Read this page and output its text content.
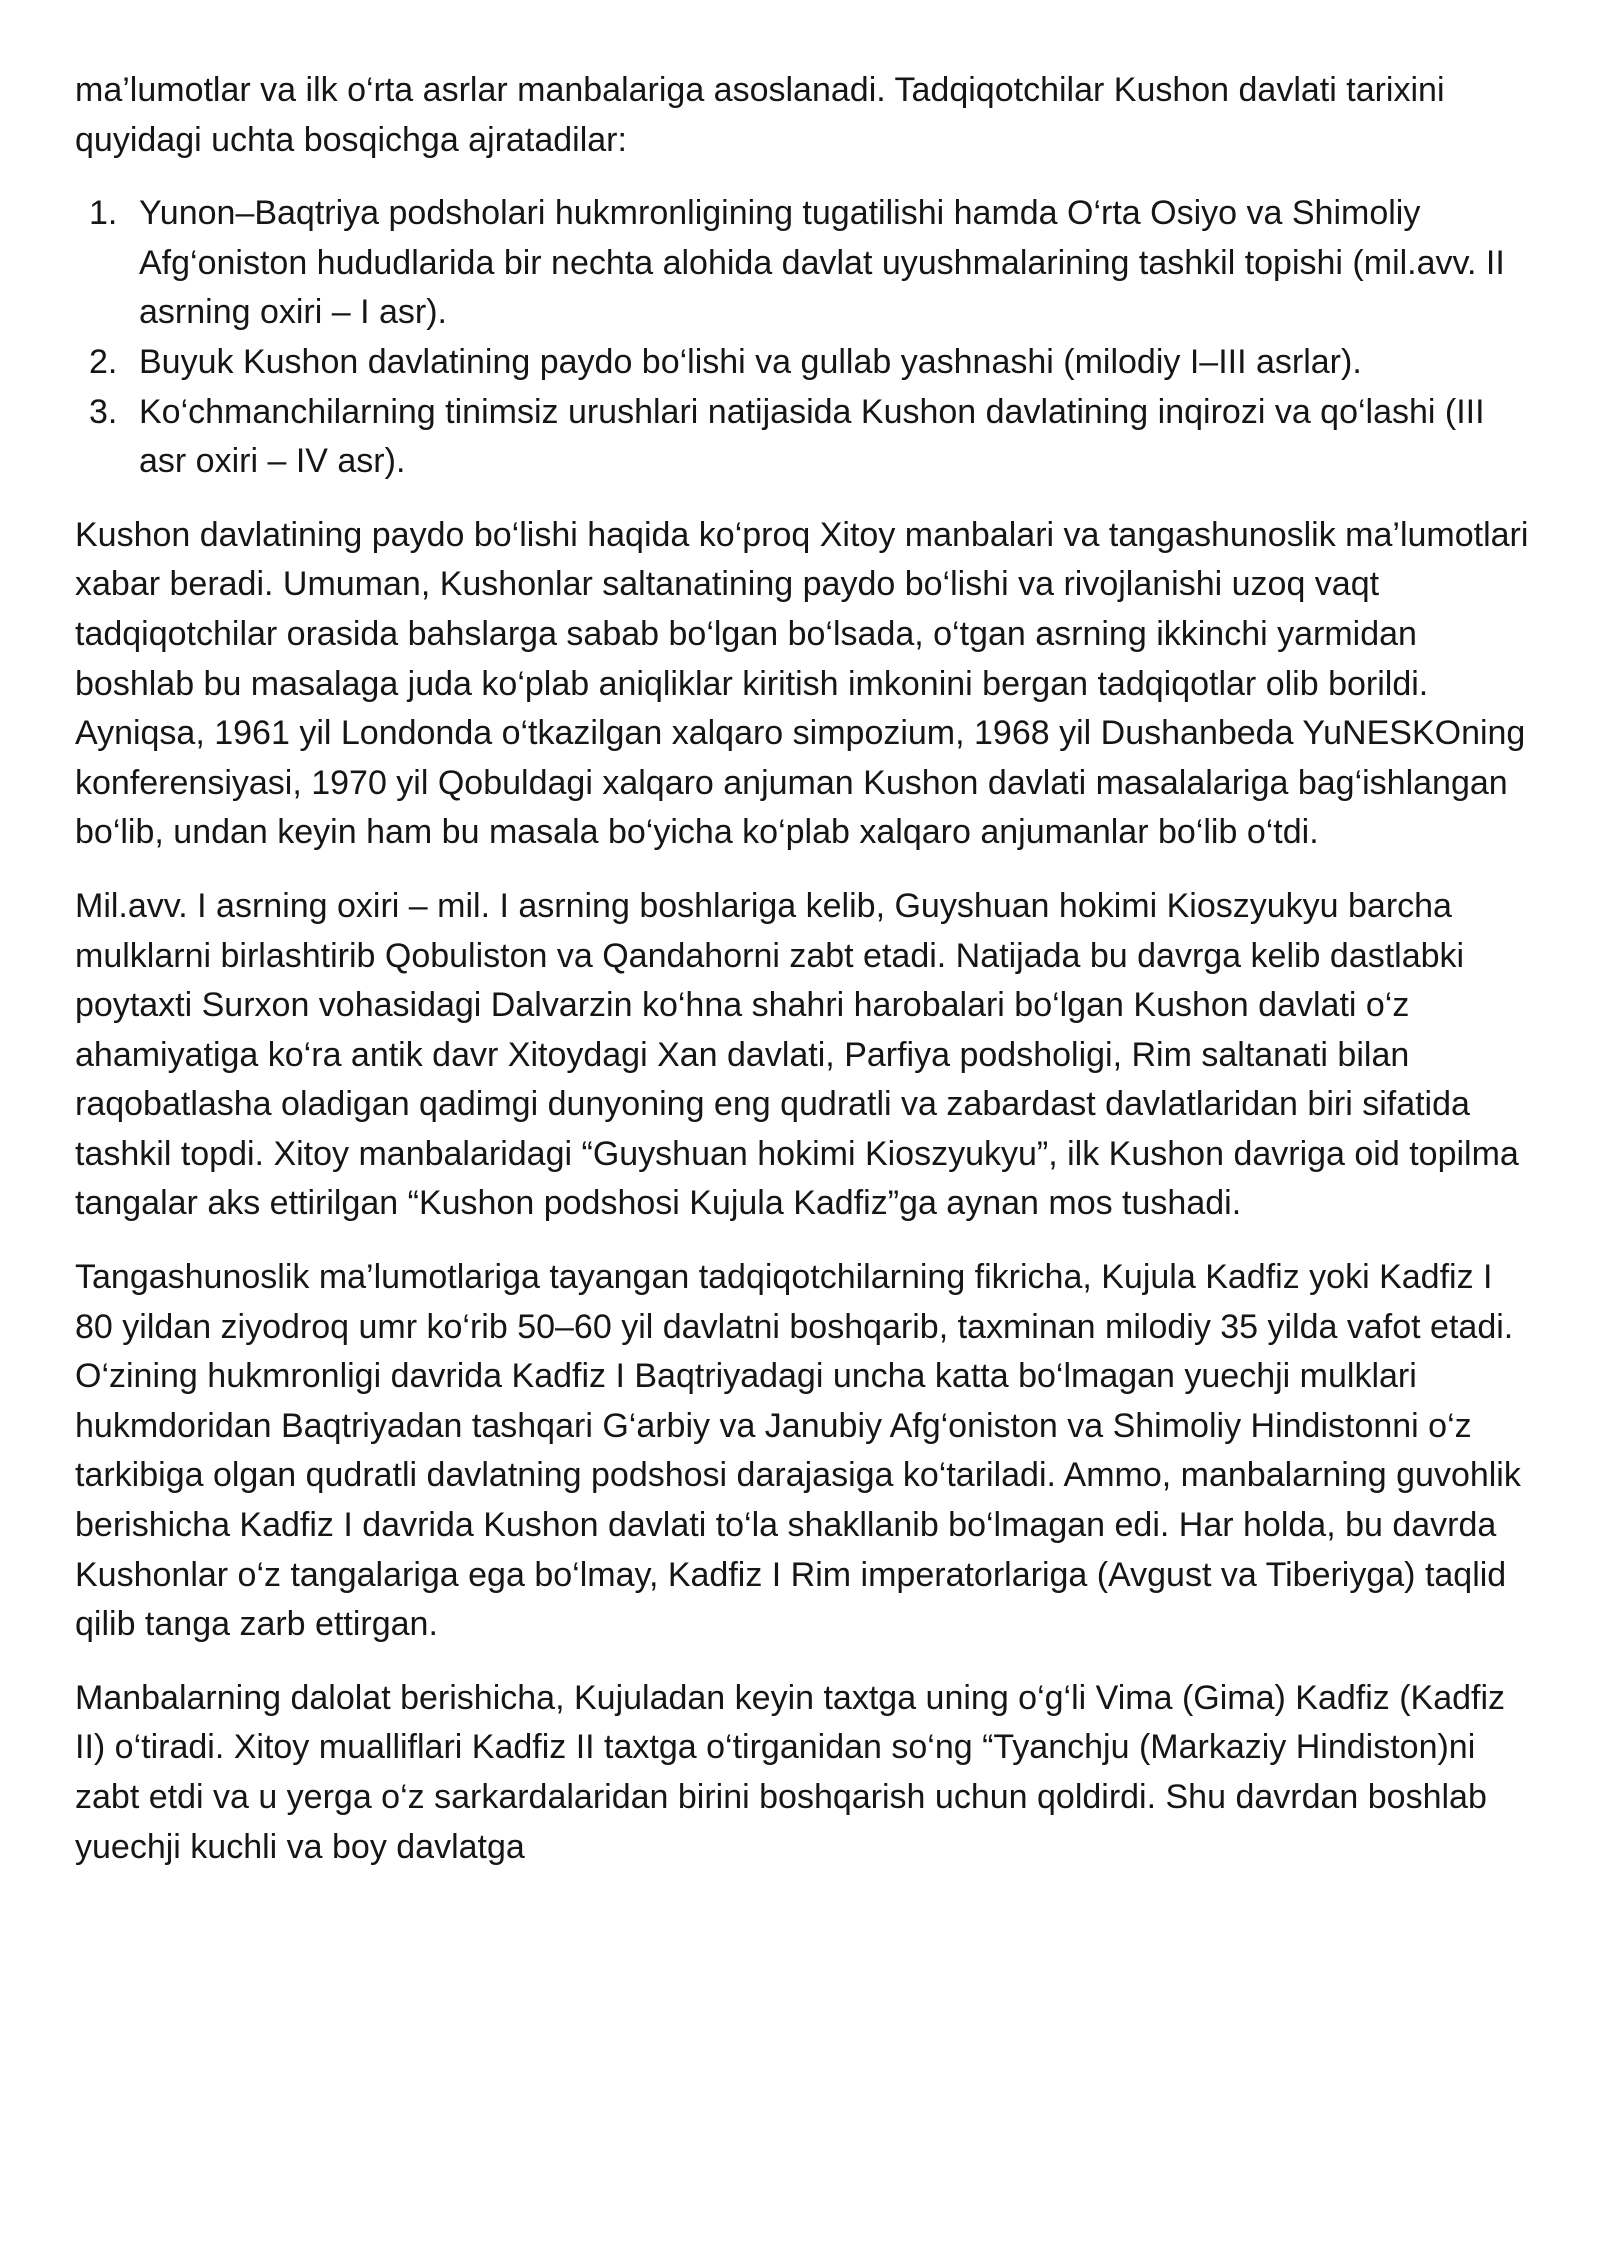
ma’lumotlar va ilk o‘rta asrlar manbalariga asoslanadi. Tadqiqotchilar Kushon davlati tarixini quyidagi uchta bosqichga ajratadilar:

1. Yunon–Baqtriya podsholari hukmronligining tugatilishi hamda O‘rta Osiyo va Shimoliy Afg‘oniston hududlarida bir nechta alohida davlat uyushmalarining tashkil topishi (mil.avv. II asrning oxiri – I asr).
2. Buyuk Kushon davlatining paydo bo‘lishi va gullab yashnashi (milodiy I–III asrlar).
3. Ko‘chmanchilarning tinimsiz urushlari natijasida Kushon davlatining inqirozi va qo‘lashi (III asr oxiri – IV asr).

Kushon davlatining paydo bo‘lishi haqida ko‘proq Xitoy manbalari va tangashunoslik ma’lumotlari xabar beradi. Umuman, Kushonlar saltanatining paydo bo‘lishi va rivojlanishi uzoq vaqt tadqiqotchilar orasida bahslarga sabab bo‘lgan bo‘lsada, o‘tgan asrning ikkinchi yarmidan boshlab bu masalaga juda ko‘plab aniqliklar kiritish imkonini bergan tadqiqotlar olib borildi. Ayniqsa, 1961 yil Londonda o‘tkazilgan xalqaro simpozium, 1968 yil Dushanbeda YuNESKOning konferensiyasi, 1970 yil Qobuldagi xalqaro anjuman Kushon davlati masalalariga bag‘ishlangan bo‘lib, undan keyin ham bu masala bo‘yicha ko‘plab xalqaro anjumanlar bo‘lib o‘tdi.

Mil.avv. I asrning oxiri – mil. I asrning boshlariga kelib, Guyshuan hokimi Kioszyukyu barcha mulklarni birlashtirib Qobuliston va Qandahorni zabt etadi. Natijada bu davrga kelib dastlabki poytaxti Surxon vohasidagi Dalvarzin ko‘hna shahri harobalari bo‘lgan Kushon davlati o‘z ahamiyatiga ko‘ra antik davr Xitoydagi Xan davlati, Parfiya podsholigi, Rim saltanati bilan raqobatlasha oladigan qadimgi dunyoning eng qudratli va zabardast davlatlaridan biri sifatida tashkil topdi. Xitoy manbalaridagi “Guyshuan hokimi Kioszyukyu”, ilk Kushon davriga oid topilma tangalar aks ettirilgan “Kushon podshosi Kujula Kadfiz”ga aynan mos tushadi.

Tangashunoslik ma’lumotlariga tayangan tadqiqotchilarning fikricha, Kujula Kadfiz yoki Kadfiz I 80 yildan ziyodroq umr ko‘rib 50–60 yil davlatni boshqarib, taxminan milodiy 35 yilda vafot etadi. O‘zining hukmronligi davrida Kadfiz I Baqtriyadagi uncha katta bo‘lmagan yuechji mulklari hukmdoridan Baqtriyadan tashqari G‘arbiy va Janubiy Afg‘oniston va Shimoliy Hindistonni o‘z tarkibiga olgan qudratli davlatning podshosi darajasiga ko‘tariladi. Ammo, manbalarning guvohlik berishicha Kadfiz I davrida Kushon davlati to‘la shakllanib bo‘lmagan edi. Har holda, bu davrda Kushonlar o‘z tangalariga ega bo‘lmay, Kadfiz I Rim imperatorlariga (Avgust va Tiberiyga) taqlid qilib tanga zarb ettirgan.

Manbalarning dalolat berishicha, Kujuladan keyin taxtga uning o‘g‘li Vima (Gima) Kadfiz (Kadfiz II) o‘tiradi. Xitoy mualliflari Kadfiz II taxtga o‘tirganidan so‘ng “Tyanchju (Markaziy Hindiston)ni zabt etdi va u yerga o‘z sarkardalaridan birini boshqarish uchun qoldirdi. Shu davrdan boshlab yuechji kuchli va boy davlatga
